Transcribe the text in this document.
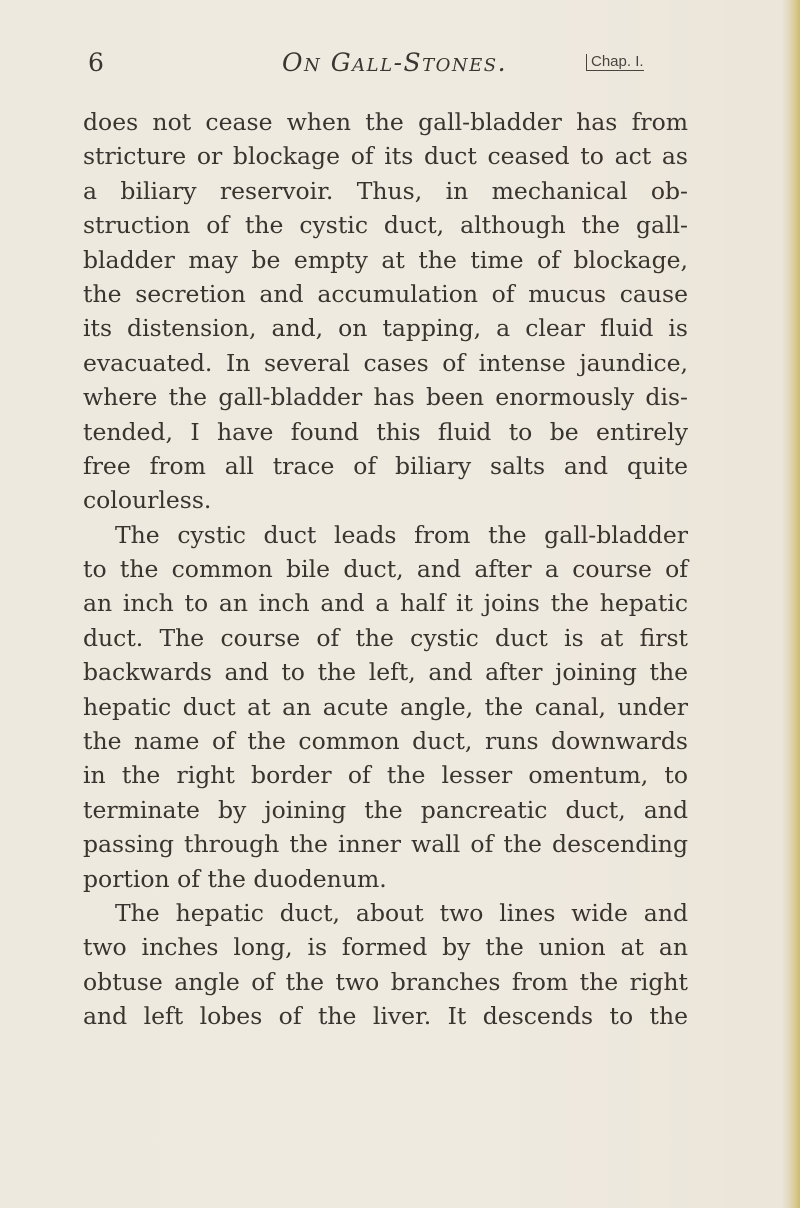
6	On Gall-Stones.	Chap. I.
does not cease when the gall-bladder has from
stricture or blockage of its duct ceased to act as
a biliary reservoir. Thus, in mechanical ob-
struction of the cystic duct, although the gall-
bladder may be empty at the time of blockage,
the secretion and accumulation of mucus cause
its distension, and, on tapping, a clear fluid is
evacuated. In several cases of intense jaundice,
where the gall-bladder has been enormously dis-
tended, I have found this fluid to be entirely
free from all trace of biliary salts and quite
colourless.
The cystic duct leads from the gall-bladder
to the common bile duct, and after a course of
an inch to an inch and a half it joins the hepatic
duct. The course of the cystic duct is at first
backwards and to the left, and after joining the
hepatic duct at an acute angle, the canal, under
the name of the common duct, runs downwards
in the right border of the lesser omentum, to
terminate by joining the pancreatic duct, and
passing through the inner wall of the descending
portion of the duodenum.
The hepatic duct, about two lines wide and
two inches long, is formed by the union at an
obtuse angle of the two branches from the right
and left lobes of the liver. It descends to the
